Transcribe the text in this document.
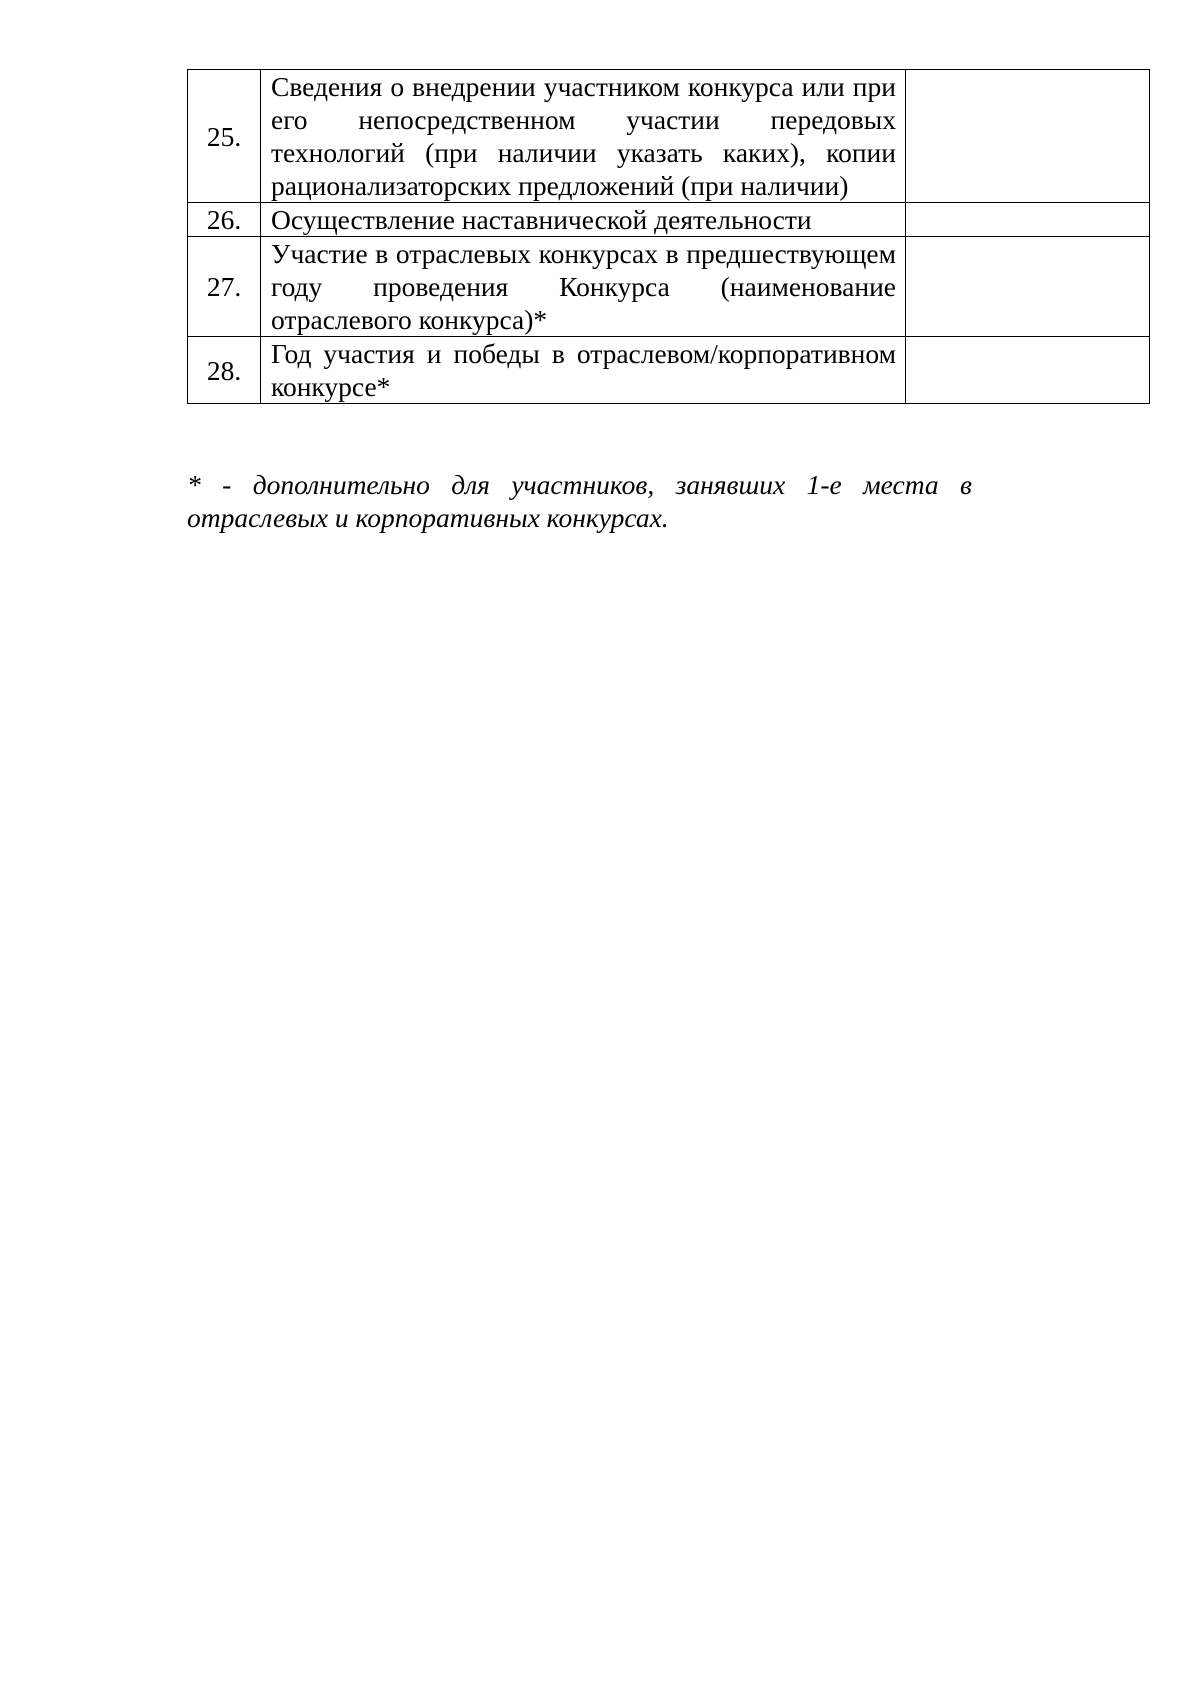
25.	Сведения о внедрении участником конкурса или при его непосредственном участии передовых технологий (при наличии указать каких), копии рационализаторских предложений (при наличии)	

26.	Осуществление наставнической деятельности	

27.	Участие в отраслевых конкурсах в предшествующем году проведения Конкурса (наименование отраслевого конкурса)*	

28.	Год участия и победы в отраслевом/корпоративном конкурсе*	

* - дополнительно для участников, занявших 1-е места в отраслевых и корпоративных конкурсах.
